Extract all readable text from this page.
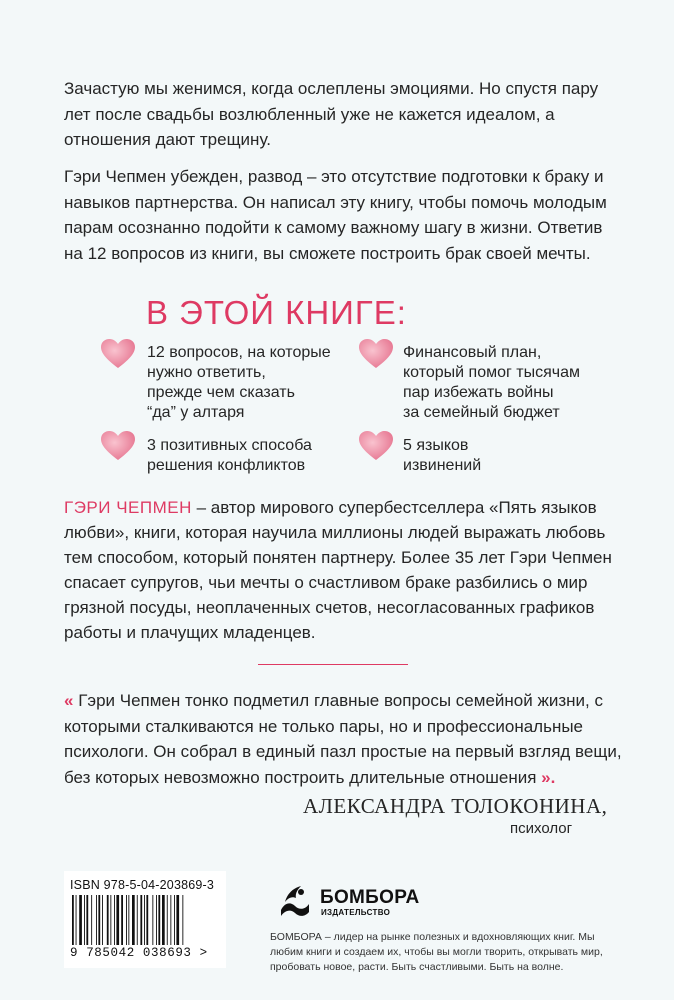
Зачастую мы женимся, когда ослеплены эмоциями. Но спустя пару лет после свадьбы возлюбленный уже не кажется идеалом, а отношения дают трещину.

Гэри Чепмен убежден, развод – это отсутствие подготовки к браку и навыков партнерства. Он написал эту книгу, чтобы помочь молодым парам осознанно подойти к самому важному шагу в жизни. Ответив на 12 вопросов из книги, вы сможете построить брак своей мечты.

В ЭТОЙ КНИГЕ:
12 вопросов, на которые
нужно ответить,
прежде чем сказать
“да” у алтаря
Финансовый план,
который помог тысячам
пар избежать войны
за семейный бюджет
3 позитивных способа
решения конфликтов
5 языков
извинений

ГЭРИ ЧЕПМЕН – автор мирового супербестселлера «Пять языков любви», книги, которая научила миллионы людей выражать любовь тем способом, который понятен партнеру. Более 35 лет Гэри Чепмен спасает супругов, чьи мечты о счастливом браке разбились о мир грязной посуды, неоплаченных счетов, несогласованных графиков работы и плачущих младенцев.

« Гэри Чепмен тонко подметил главные вопросы семейной жизни, с которыми сталкиваются не только пары, но и профессиональные психологи. Он собрал в единый пазл простые на первый взгляд вещи, без которых невозможно построить длительные отношения ».

АЛЕКСАНДРА ТОЛОКОНИНА,
психолог
ISBN 978-5-04-203869-3
9 785042 038693 >
БОМБОРА
ИЗДАТЕЛЬСТВО

БОМБОРА – лидер на рынке полезных и вдохновляющих книг. Мы любим книги и создаем их, чтобы вы могли творить, открывать мир, пробовать новое, расти. Быть счастливыми. Быть на волне.
